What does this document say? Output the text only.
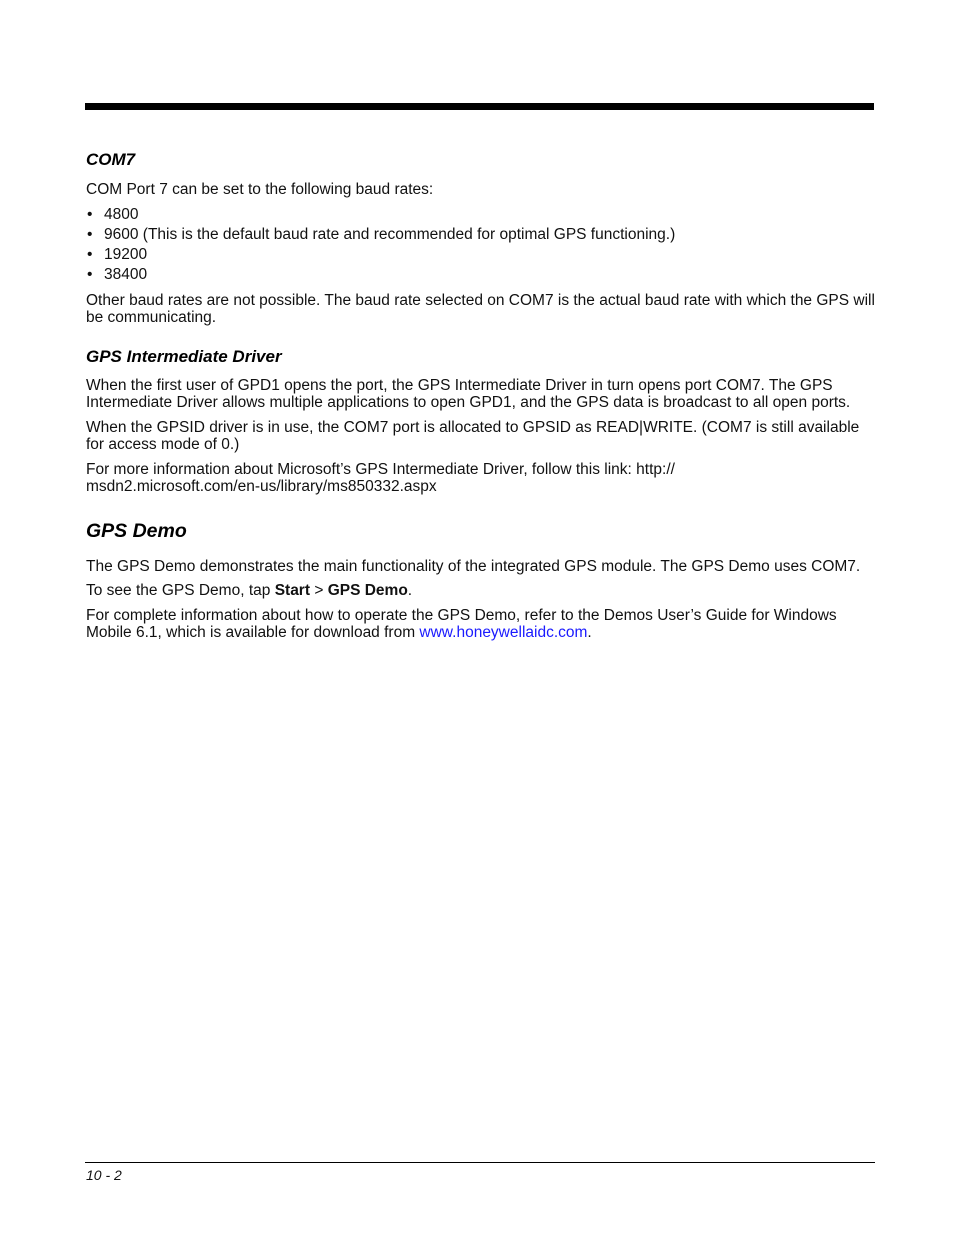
COM7

COM Port 7 can be set to the following baud rates:

• 4800
• 9600 (This is the default baud rate and recommended for optimal GPS functioning.)
• 19200
• 38400

Other baud rates are not possible. The baud rate selected on COM7 is the actual baud rate with which the GPS will be communicating.

GPS Intermediate Driver

When the first user of GPD1 opens the port, the GPS Intermediate Driver in turn opens port COM7. The GPS Intermediate Driver allows multiple applications to open GPD1, and the GPS data is broadcast to all open ports.

When the GPSID driver is in use, the COM7 port is allocated to GPSID as READ|WRITE. (COM7 is still available for access mode of 0.)

For more information about Microsoft’s GPS Intermediate Driver, follow this link: http://
msdn2.microsoft.com/en-us/library/ms850332.aspx

GPS Demo

The GPS Demo demonstrates the main functionality of the integrated GPS module. The GPS Demo uses COM7.

To see the GPS Demo, tap Start > GPS Demo.

For complete information about how to operate the GPS Demo, refer to the Demos User’s Guide for Windows Mobile 6.1, which is available for download from www.honeywellaidc.com.

10 - 2
